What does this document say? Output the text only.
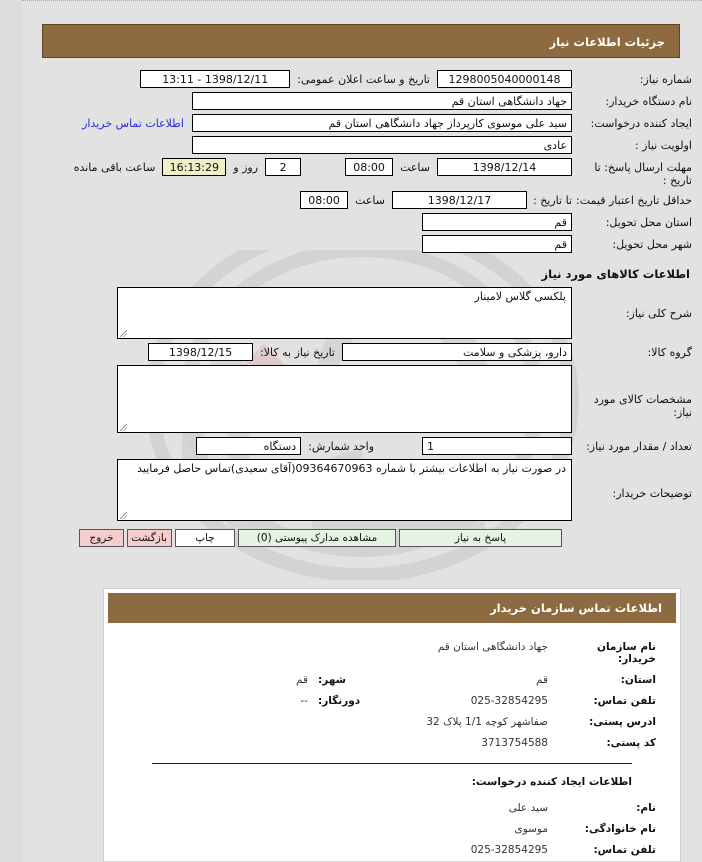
جزئیات اطلاعات نیاز
شماره نیاز:
1298005040000148
تاریخ و ساعت اعلان عمومی:
1398/12/11 - 13:11
نام دستگاه خریدار:
جهاد دانشگاهی استان قم
ایجاد کننده درخواست:
سید علی موسوی کارپرداز جهاد دانشگاهی استان قم
اطلاعات تماس خریدار
اولویت نیاز :
عادی
مهلت ارسال پاسخ: تا تاریخ :
1398/12/14
ساعت
08:00
2
روز و
16:13:29
ساعت باقی مانده
حداقل تاریخ اعتبار قیمت:
تا تاریخ :
1398/12/17
ساعت
08:00
استان محل تحویل:
قم
شهر محل تحویل:
قم
اطلاعات کالاهای مورد نیاز
شرح کلی نیاز:
پلکسی گلاس لامینار
گروه کالا:
دارو، پزشکی و سلامت
تاریخ نیاز به کالا:
1398/12/15
مشخصات کالای مورد نیاز:
تعداد / مقدار مورد نیاز:
1
واحد شمارش:
دستگاه
توضیحات خریدار:
در صورت نیاز به اطلاعات بیشتر با شماره 09364670963(آقای سعیدی)تماس حاصل فرمایید
پاسخ به نیاز
مشاهده مدارک پیوستی (0)
چاپ
بازگشت
خروج
اطلاعات تماس سازمان خریدار
نام سازمان خریدار:
جهاد دانشگاهی استان قم
استان:
قم
شهر:
قم
تلفن تماس:
025-32854295
دورنگار:
--
ادرس پستی:
صفاشهر کوچه 1/1 پلاک 32
کد پستی:
3713754588
اطلاعات ایجاد کننده درخواست:
نام:
سید علی
نام خانوادگی:
موسوی
تلفن تماس:
025-32854295
